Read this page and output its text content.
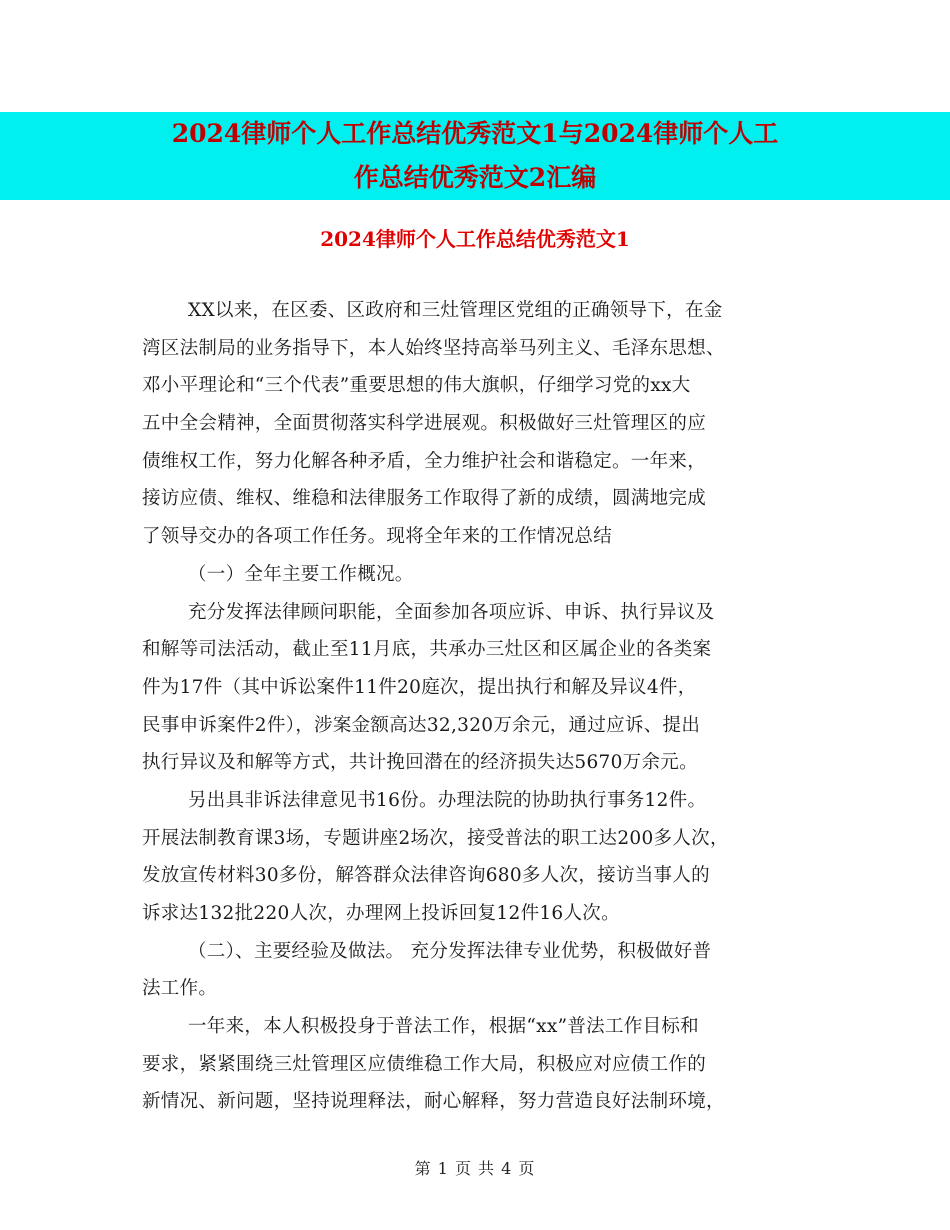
2024律师个人工作总结优秀范文1与2024律师个人工
作总结优秀范文2汇编
2024律师个人工作总结优秀范文1
XX以来，在区委、区政府和三灶管理区党组的正确领导下，在金
湾区法制局的业务指导下，本人始终坚持高举马列主义、毛泽东思想、
邓小平理论和“三个代表”重要思想的伟大旗帜，仔细学习党的xx大
五中全会精神，全面贯彻落实科学进展观。积极做好三灶管理区的应
债维权工作，努力化解各种矛盾，全力维护社会和谐稳定。一年来，
接访应债、维权、维稳和法律服务工作取得了新的成绩，圆满地完成
了领导交办的各项工作任务。现将全年来的工作情况总结
（一）全年主要工作概况。
充分发挥法律顾问职能，全面参加各项应诉、申诉、执行异议及
和解等司法活动，截止至11月底，共承办三灶区和区属企业的各类案
件为17件（其中诉讼案件11件20庭次，提出执行和解及异议4件，
民事申诉案件2件），涉案金额高达32,320万余元，通过应诉、提出
执行异议及和解等方式，共计挽回潜在的经济损失达5670万余元。
另出具非诉法律意见书16份。办理法院的协助执行事务12件。
开展法制教育课3场，专题讲座2场次，接受普法的职工达200多人次，
发放宣传材料30多份，解答群众法律咨询680多人次，接访当事人的
诉求达132批220人次，办理网上投诉回复12件16人次。
（二）、主要经验及做法。 充分发挥法律专业优势，积极做好普
法工作。
一年来，本人积极投身于普法工作，根据“xx”普法工作目标和
要求，紧紧围绕三灶管理区应债维稳工作大局，积极应对应债工作的
新情况、新问题，坚持说理释法，耐心解释，努力营造良好法制环境，
第 1 页 共 4 页
